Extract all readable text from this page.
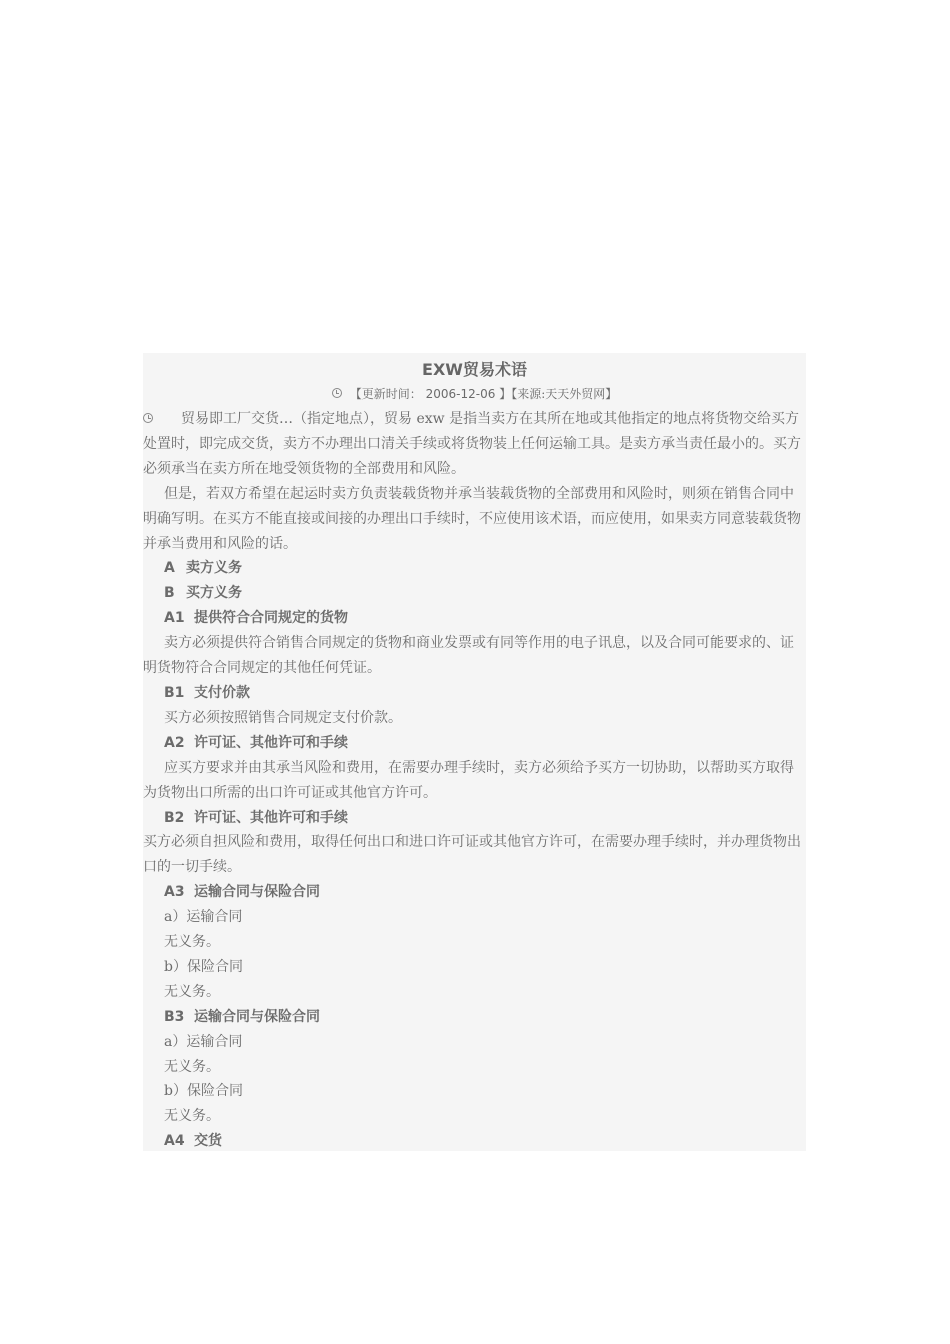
EXW贸易术语
【更新时间： 2006-12-06 】【来源:天天外贸网】

贸易即工厂交货…（指定地点），贸易 exw 是指当卖方在其所在地或其他指定的地点将货物交给买方处置时，即完成交货，卖方不办理出口清关手续或将货物装上任何运输工具。是卖方承当责任最小的。买方必须承当在卖方所在地受领货物的全部费用和风险。

但是，若双方希望在起运时卖方负责装载货物并承当装载货物的全部费用和风险时，则须在销售合同中明确写明。在买方不能直接或间接的办理出口手续时，不应使用该术语，而应使用，如果卖方同意装载货物并承当费用和风险的话。

A 卖方义务
B 买方义务
A1 提供符合合同规定的货物

卖方必须提供符合销售合同规定的货物和商业发票或有同等作用的电子讯息，以及合同可能要求的、证明货物符合合同规定的其他任何凭证。

B1 支付价款

买方必须按照销售合同规定支付价款。

A2 许可证、其他许可和手续

应买方要求并由其承当风险和费用，在需要办理手续时，卖方必须给予买方一切协助，以帮助买方取得为货物出口所需的出口许可证或其他官方许可。

B2 许可证、其他许可和手续

买方必须自担风险和费用，取得任何出口和进口许可证或其他官方许可，在需要办理手续时，并办理货物出口的一切手续。

A3 运输合同与保险合同
a）运输合同
无义务。
b）保险合同
无义务。
B3 运输合同与保险合同
a）运输合同
无义务。
b）保险合同
无义务。
A4 交货
